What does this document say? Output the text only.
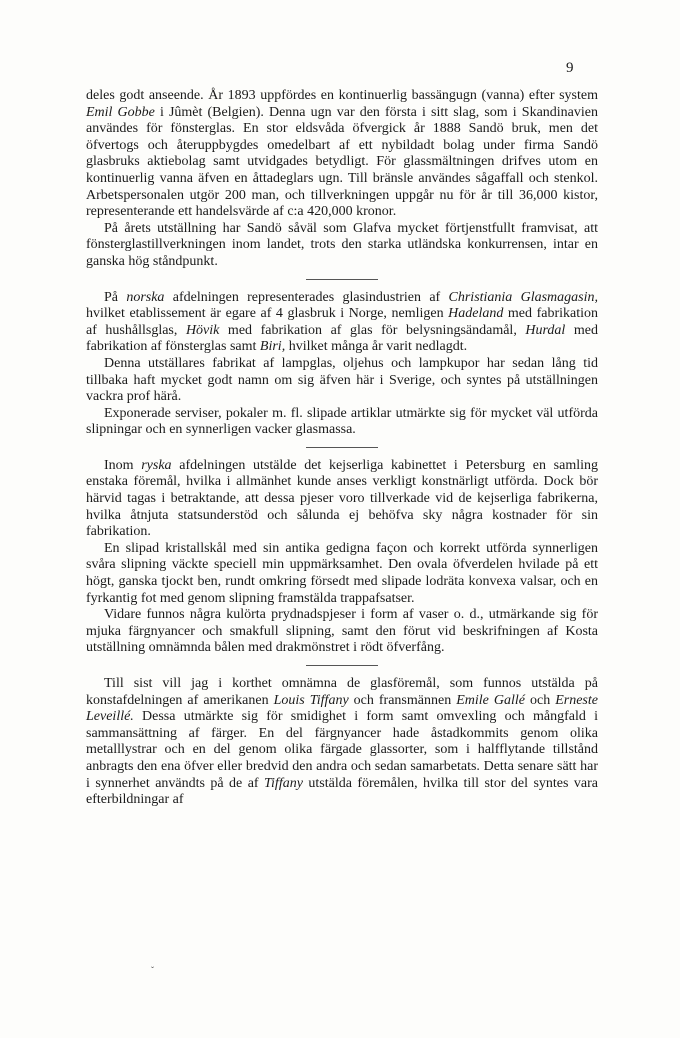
9

deles godt anseende. År 1893 uppfördes en kontinuerlig bassängugn (vanna) efter system Emil Gobbe i Jûmèt (Belgien). Denna ugn var den första i sitt slag, som i Skandinavien användes för fönsterglas. En stor eldsvåda öfvergick år 1888 Sandö bruk, men det öfvertogs och återuppbygdes omedelbart af ett nybildadt bolag under firma Sandö glasbruks aktiebolag samt utvidgades betydligt. För glassmältningen drifves utom en kontinuerlig vanna äfven en åttadeglars ugn. Till bränsle användes sågaffall och stenkol. Arbetspersonalen utgör 200 man, och tillverkningen uppgår nu för år till 36,000 kistor, representerande ett handelsvärde af c:a 420,000 kronor.

På årets utställning har Sandö såväl som Glafva mycket förtjenstfullt framvisat, att fönsterglastillverkningen inom landet, trots den starka utländska konkurrensen, intar en ganska hög ståndpunkt.

På norska afdelningen representerades glasindustrien af Christiania Glasmagasin, hvilket etablissement är egare af 4 glasbruk i Norge, nemligen Hadeland med fabrikation af hushållsglas, Hövik med fabrikation af glas för belysningsändamål, Hurdal med fabrikation af fönsterglas samt Biri, hvilket många år varit nedlagdt.

Denna utställares fabrikat af lampglas, oljehus och lampkupor har sedan lång tid tillbaka haft mycket godt namn om sig äfven här i Sverige, och syntes på utställningen vackra prof härå.

Exponerade serviser, pokaler m. fl. slipade artiklar utmärkte sig för mycket väl utförda slipningar och en synnerligen vacker glasmassa.

Inom ryska afdelningen utstälde det kejserliga kabinettet i Petersburg en samling enstaka föremål, hvilka i allmänhet kunde anses verkligt konstnärligt utförda. Dock bör härvid tagas i betraktande, att dessa pjeser voro tillverkade vid de kejserliga fabrikerna, hvilka åtnjuta statsunderstöd och sålunda ej behöfva sky några kostnader för sin fabrikation.

En slipad kristallskål med sin antika gedigna façon och korrekt utförda synnerligen svåra slipning väckte speciell min uppmärksamhet. Den ovala öfverdelen hvilade på ett högt, ganska tjockt ben, rundt omkring försedt med slipade lodräta konvexa valsar, och en fyrkantig fot med genom slipning framstälda trappafsatser.

Vidare funnos några kulörta prydnadspjeser i form af vaser o. d., utmärkande sig för mjuka färgnyancer och smakfull slipning, samt den förut vid beskrifningen af Kosta utställning omnämnda bålen med drakmönstret i rödt öfverfång.

Till sist vill jag i korthet omnämna de glasföremål, som funnos utstälda på konstafdelningen af amerikanen Louis Tiffany och fransmännen Emile Gallé och Erneste Leveillé. Dessa utmärkte sig för smidighet i form samt omvexling och mångfald i sammansättning af färger. En del färgnyancer hade åstadkommits genom olika metalllystrar och en del genom olika färgade glassorter, som i halfflytande tillstånd anbragts den ena öfver eller bredvid den andra och sedan samarbetats. Detta senare sätt har i synnerhet användts på de af Tiffany utstälda föremålen, hvilka till stor del syntes vara efterbildningar af

ˇ
